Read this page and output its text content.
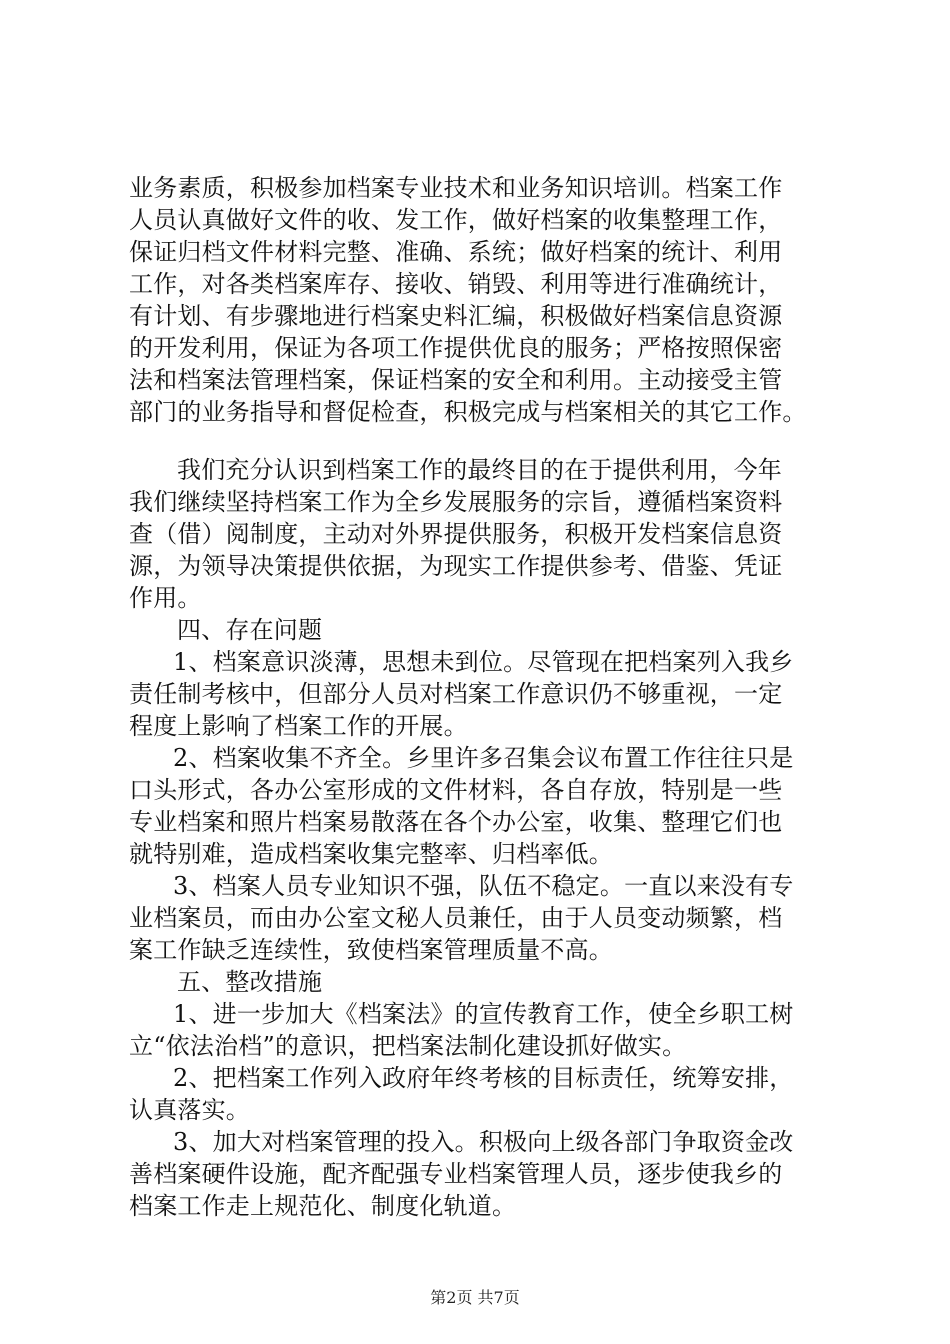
业务素质，积极参加档案专业技术和业务知识培训。档案工作
人员认真做好文件的收、发工作，做好档案的收集整理工作，
保证归档文件材料完整、准确、系统；做好档案的统计、利用
工作，对各类档案库存、接收、销毁、利用等进行准确统计，
有计划、有步骤地进行档案史料汇编，积极做好档案信息资源
的开发利用，保证为各项工作提供优良的服务；严格按照保密
法和档案法管理档案，保证档案的安全和利用。主动接受主管
部门的业务指导和督促检查，积极完成与档案相关的其它工作。
我们充分认识到档案工作的最终目的在于提供利用，今年
我们继续坚持档案工作为全乡发展服务的宗旨，遵循档案资料
查（借）阅制度，主动对外界提供服务，积极开发档案信息资
源，为领导决策提供依据，为现实工作提供参考、借鉴、凭证
作用。
四、存在问题
1、档案意识淡薄，思想未到位。尽管现在把档案列入我乡
责任制考核中，但部分人员对档案工作意识仍不够重视，一定
程度上影响了档案工作的开展。
2、档案收集不齐全。乡里许多召集会议布置工作往往只是
口头形式，各办公室形成的文件材料，各自存放，特别是一些
专业档案和照片档案易散落在各个办公室，收集、整理它们也
就特别难，造成档案收集完整率、归档率低。
3、档案人员专业知识不强，队伍不稳定。一直以来没有专
业档案员，而由办公室文秘人员兼任，由于人员变动频繁，档
案工作缺乏连续性，致使档案管理质量不高。
五、整改措施
1、进一步加大《档案法》的宣传教育工作，使全乡职工树
立“依法治档”的意识，把档案法制化建设抓好做实。
2、把档案工作列入政府年终考核的目标责任，统筹安排，
认真落实。
3、加大对档案管理的投入。积极向上级各部门争取资金改
善档案硬件设施，配齐配强专业档案管理人员，逐步使我乡的
档案工作走上规范化、制度化轨道。
第2页 共7页
